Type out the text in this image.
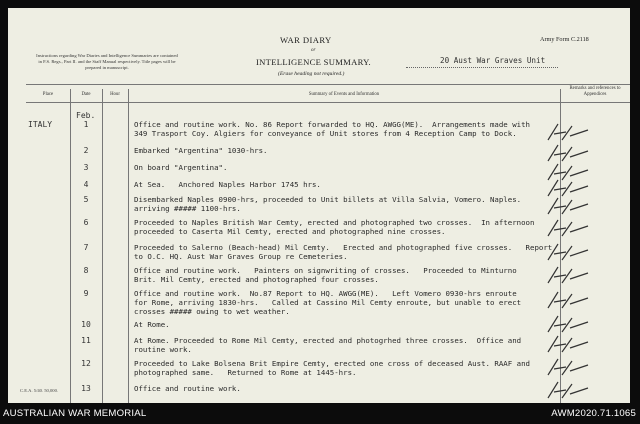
Instructions regarding War Diaries and Intelligence Summaries are contained in F.S. Regs., Part II. and the Staff Manual respectively. Title pages will be prepared in manuscript.
WAR DIARY
or
INTELLIGENCE SUMMARY.
(Erase heading not required.)
Army Form C.2118
20 Aust War Graves Unit
Place	Date	Hour	Summary of Events and Information
Remarks and references to Appendices
ITALY
Feb.
1	Office and routine work. No. 86 Report forwarded to HQ. AWGG(ME).  Arrangements made with
349 Trasport Coy. Algiers for conveyance of Unit stores from 4 Reception Camp to Dock.
2	Embarked "Argentina" 1030-hrs.
3	On board "Argentina".
4	At Sea.   Anchored Naples Harbor 1745 hrs.
5	Disembarked Naples 0900-hrs, proceeded to Unit billets at Villa Salvia, Vomero. Naples.
arriving ##### 1100-hrs.
6	Proceeded to Naples British War Cemty, erected and photographed two crosses.  In afternoon
proceeded to Caserta Mil Cemty, erected and photographed nine crosses.
7	Proceeded to Salerno (Beach-head) Mil Cemty.   Erected and photographed five crosses.   Report
to O.C. HQ. Aust War Graves Group re Cemeteries.
8	Office and routine work.   Painters on signwriting of crosses.   Proceeded to Minturno
Brit. Mil Cemty, erected and photographed four crosses.
9	Office and routine work.  No.87 Report to HQ. AWGG(ME).   Left Vomero 0930-hrs enroute
for Rome, arriving 1830-hrs.   Called at Cassino Mil Cemty enroute, but unable to erect
crosses ##### owing to wet weather.
10	At Rome.
11	At Rome. Proceeded to Rome Mil Cemty, erected and photogrhed three crosses.  Office and
routine work.
12	Proceeded to Lake Bolsena Brit Empire Cemty, erected one cross of deceased Aust. RAAF and
photographed same.   Returned to Rome at 1445-hrs.
13	Office and routine work.
C.E.A. 5/40. 50,000.
AUSTRALIAN WAR MEMORIAL	AWM2020.71.1065
